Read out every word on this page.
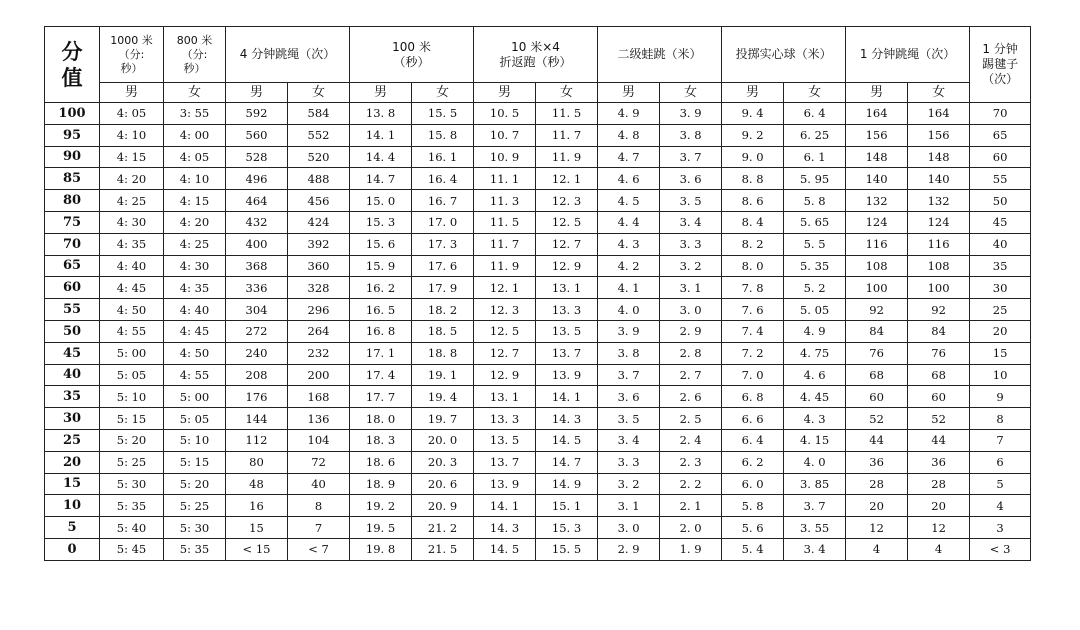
分值	1000 米
（分:
秒）	800 米
（分:
秒）	4 分钟跳绳（次）		100 米
（秒）		10 米×4
折返跑（秒）		二级蛙跳（米）		投掷实心球（米）		1 分钟跳绳（次）		1 分钟
踢毽子
（次）
	男	女	男	女	男	女	男	女	男	女	男	女	男	女	
100	4: 05	3: 55	592	584	13. 8	15. 5	10. 5	11. 5	4. 9	3. 9	9. 4	6. 4	164	164	70
95	4: 10	4: 00	560	552	14. 1	15. 8	10. 7	11. 7	4. 8	3. 8	9. 2	6. 25	156	156	65
90	4: 15	4: 05	528	520	14. 4	16. 1	10. 9	11. 9	4. 7	3. 7	9. 0	6. 1	148	148	60
85	4: 20	4: 10	496	488	14. 7	16. 4	11. 1	12. 1	4. 6	3. 6	8. 8	5. 95	140	140	55
80	4: 25	4: 15	464	456	15. 0	16. 7	11. 3	12. 3	4. 5	3. 5	8. 6	5. 8	132	132	50
75	4: 30	4: 20	432	424	15. 3	17. 0	11. 5	12. 5	4. 4	3. 4	8. 4	5. 65	124	124	45
70	4: 35	4: 25	400	392	15. 6	17. 3	11. 7	12. 7	4. 3	3. 3	8. 2	5. 5	116	116	40
65	4: 40	4: 30	368	360	15. 9	17. 6	11. 9	12. 9	4. 2	3. 2	8. 0	5. 35	108	108	35
60	4: 45	4: 35	336	328	16. 2	17. 9	12. 1	13. 1	4. 1	3. 1	7. 8	5. 2	100	100	30
55	4: 50	4: 40	304	296	16. 5	18. 2	12. 3	13. 3	4. 0	3. 0	7. 6	5. 05	92	92	25
50	4: 55	4: 45	272	264	16. 8	18. 5	12. 5	13. 5	3. 9	2. 9	7. 4	4. 9	84	84	20
45	5: 00	4: 50	240	232	17. 1	18. 8	12. 7	13. 7	3. 8	2. 8	7. 2	4. 75	76	76	15
40	5: 05	4: 55	208	200	17. 4	19. 1	12. 9	13. 9	3. 7	2. 7	7. 0	4. 6	68	68	10
35	5: 10	5: 00	176	168	17. 7	19. 4	13. 1	14. 1	3. 6	2. 6	6. 8	4. 45	60	60	9
30	5: 15	5: 05	144	136	18. 0	19. 7	13. 3	14. 3	3. 5	2. 5	6. 6	4. 3	52	52	8
25	5: 20	5: 10	112	104	18. 3	20. 0	13. 5	14. 5	3. 4	2. 4	6. 4	4. 15	44	44	7
20	5: 25	5: 15	80	72	18. 6	20. 3	13. 7	14. 7	3. 3	2. 3	6. 2	4. 0	36	36	6
15	5: 30	5: 20	48	40	18. 9	20. 6	13. 9	14. 9	3. 2	2. 2	6. 0	3. 85	28	28	5
10	5: 35	5: 25	16	8	19. 2	20. 9	14. 1	15. 1	3. 1	2. 1	5. 8	3. 7	20	20	4
5	5: 40	5: 30	15	7	19. 5	21. 2	14. 3	15. 3	3. 0	2. 0	5. 6	3. 55	12	12	3
0	5: 45	5: 35	< 15	< 7	19. 8	21. 5	14. 5	15. 5	2. 9	1. 9	5. 4	3. 4	4	4	< 3
